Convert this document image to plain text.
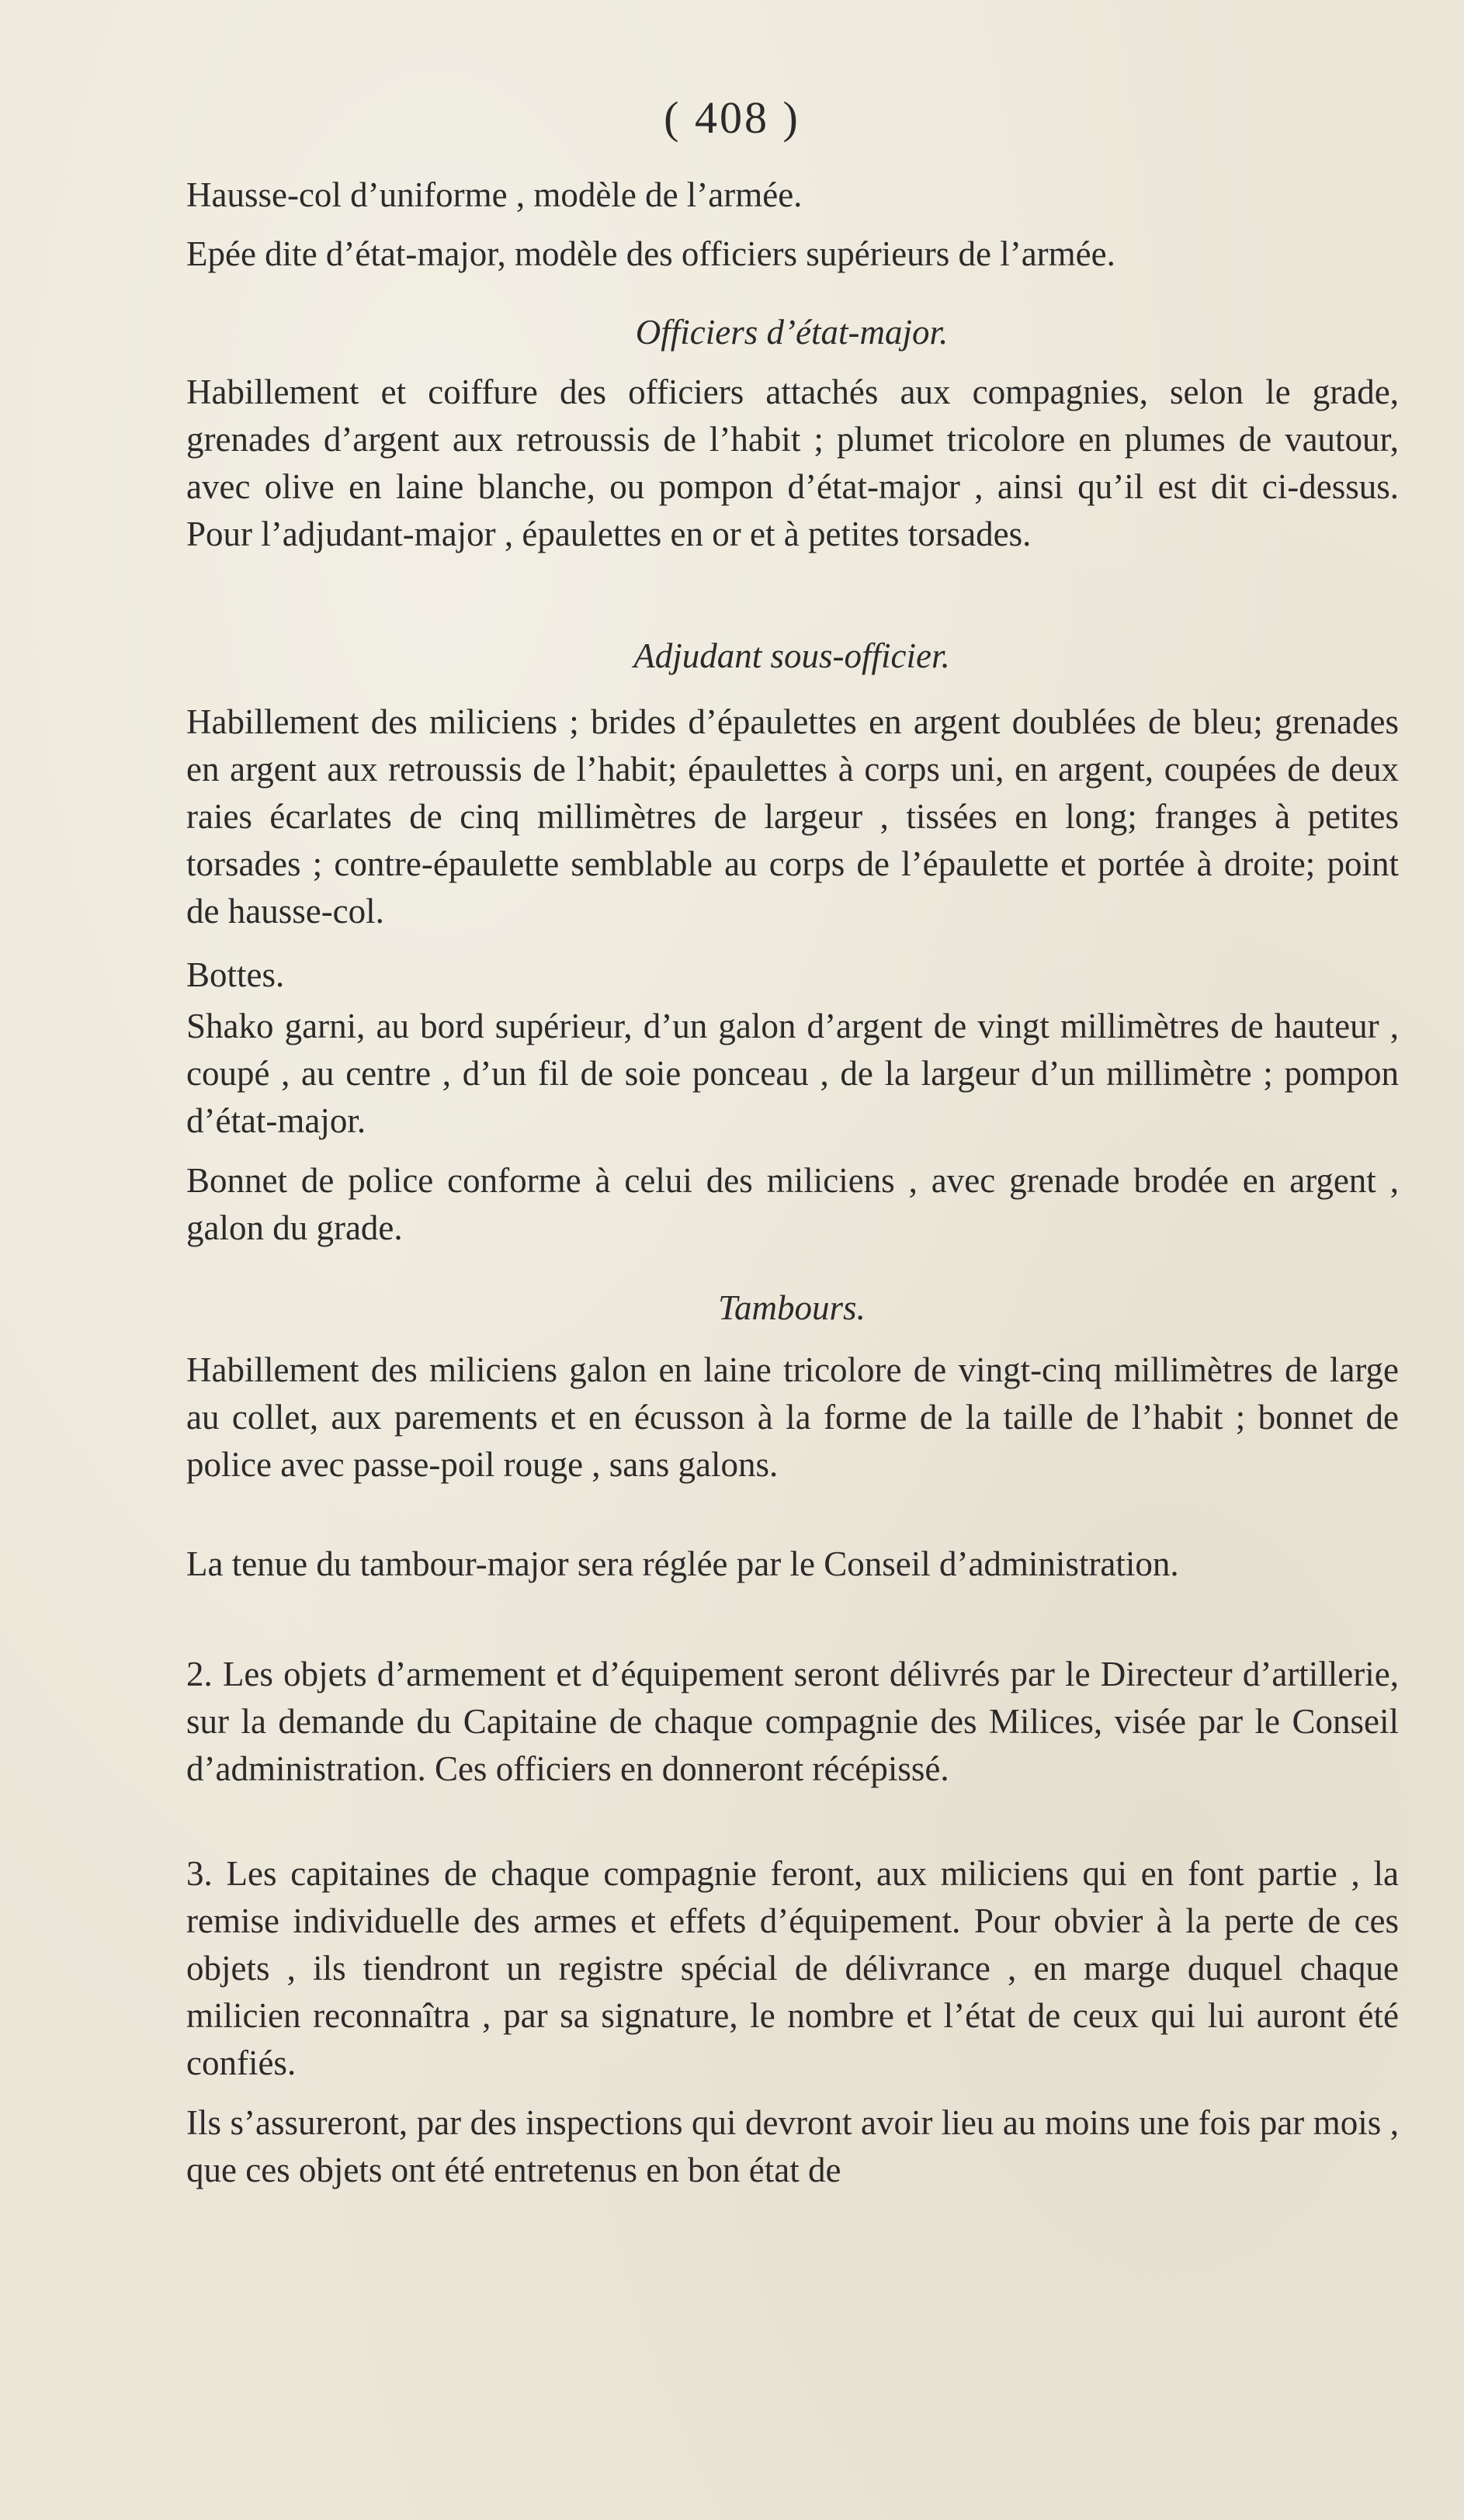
( 408 )
Hausse-col d’uniforme , modèle de l’armée.
Epée dite d’état-major, modèle des officiers supérieurs de l’armée.
Officiers d’état-major.
Habillement et coiffure des officiers attachés aux compagnies, selon le grade, grenades d’argent aux retroussis de l’habit ; plumet tricolore en plumes de vautour, avec olive en laine blanche, ou pompon d’état-major , ainsi qu’il est dit ci-dessus. Pour l’adjudant-major , épaulettes en or et à petites torsades.
Adjudant sous-officier.
Habillement des miliciens ; brides d’épaulettes en argent doublées de bleu; grenades en argent aux retroussis de l’habit; épaulettes à corps uni, en argent, coupées de deux raies écarlates de cinq millimètres de largeur , tissées en long; franges à petites torsades ; contre-épaulette semblable au corps de l’épaulette et portée à droite; point de hausse-col.
Bottes.
Shako garni, au bord supérieur, d’un galon d’argent de vingt millimètres de hauteur , coupé , au centre , d’un fil de soie ponceau , de la largeur d’un millimètre ; pompon d’état-major.
Bonnet de police conforme à celui des miliciens , avec grenade brodée en argent , galon du grade.
Tambours.
Habillement des miliciens galon en laine tricolore de vingt-cinq millimètres de large au collet, aux parements et en écusson à la forme de la taille de l’habit ; bonnet de police avec passe-poil rouge , sans galons.
La tenue du tambour-major sera réglée par le Conseil d’administration.
2. Les objets d’armement et d’équipement seront délivrés par le Directeur d’artillerie, sur la demande du Capitaine de chaque compagnie des Milices, visée par le Conseil d’administration. Ces officiers en donneront récépissé.
3. Les capitaines de chaque compagnie feront, aux miliciens qui en font partie , la remise individuelle des armes et effets d’équipement. Pour obvier à la perte de ces objets , ils tiendront un registre spécial de délivrance , en marge duquel chaque milicien reconnaîtra , par sa signature, le nombre et l’état de ceux qui lui auront été confiés.
Ils s’assureront, par des inspections qui devront avoir lieu au moins une fois par mois , que ces objets ont été entretenus en bon état de
